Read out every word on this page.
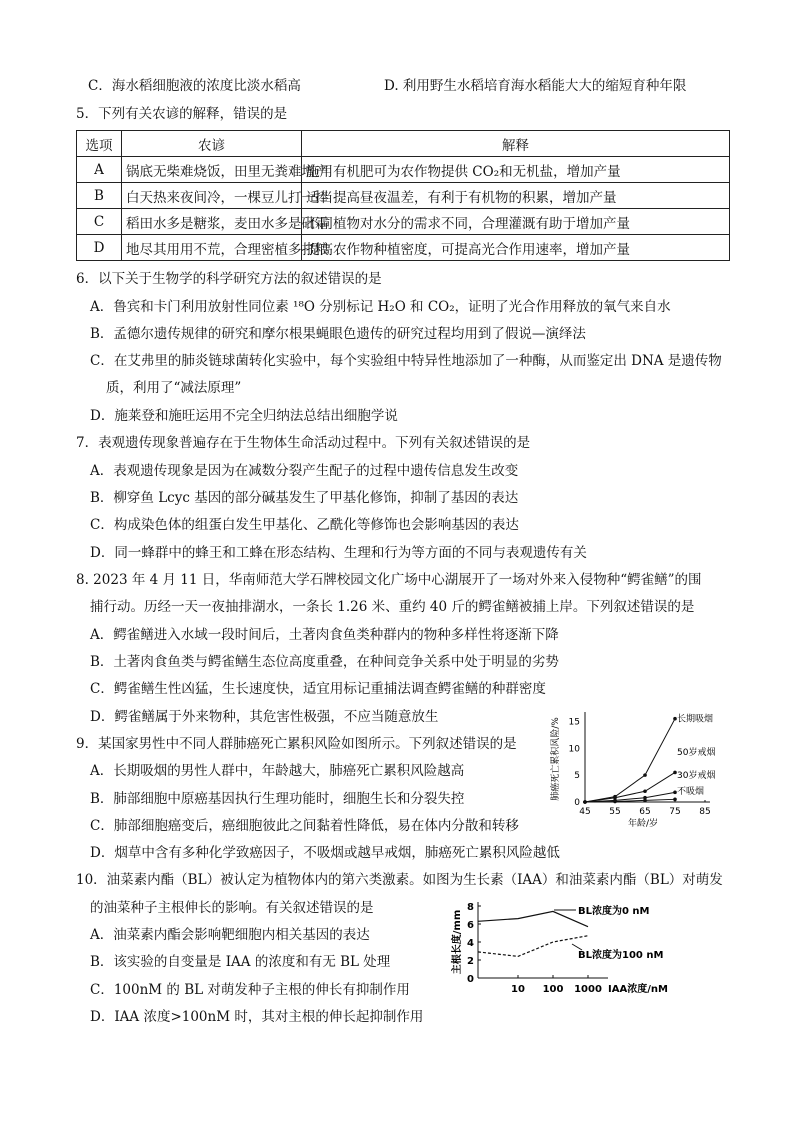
C．海水稻细胞液的浓度比淡水稻高	D. 利用野生水稻培育海水稻能大大的缩短育种年限
5．下列有关农谚的解释，错误的是
选项	农谚	解释
A	锅底无柴难烧饭，田里无粪难增产	施用有机肥可为农作物提供 CO₂和无机盐，增加产量
B	白天热来夜间冷，一棵豆儿打一捧	适当提高昼夜温差，有利于有机物的积累，增加产量
C	稻田水多是糖浆，麦田水多是砒霜	不同植物对水分的需求不同，合理灌溉有助于增加产量
D	地尽其用用不荒，合理密植多打粮	提高农作物种植密度，可提高光合作用速率，增加产量
6．以下关于生物学的科学研究方法的叙述错误的是
A．鲁宾和卡门利用放射性同位素 ¹⁸O 分别标记 H₂O 和 CO₂，证明了光合作用释放的氧气来自水
B．孟德尔遗传规律的研究和摩尔根果蝇眼色遗传的研究过程均用到了假说—演绎法
C．在艾弗里的肺炎链球菌转化实验中，每个实验组中特异性地添加了一种酶，从而鉴定出 DNA 是遗传物
质，利用了“减法原理”
D．施莱登和施旺运用不完全归纳法总结出细胞学说
7．表观遗传现象普遍存在于生物体生命活动过程中。下列有关叙述错误的是
A．表观遗传现象是因为在减数分裂产生配子的过程中遗传信息发生改变
B．柳穿鱼 Lcyc 基因的部分碱基发生了甲基化修饰，抑制了基因的表达
C．构成染色体的组蛋白发生甲基化、乙酰化等修饰也会影响基因的表达
D．同一蜂群中的蜂王和工蜂在形态结构、生理和行为等方面的不同与表观遗传有关
8. 2023 年 4 月 11 日，华南师范大学石牌校园文化广场中心湖展开了一场对外来入侵物种“鳄雀鳝”的围
捕行动。历经一天一夜抽排湖水，一条长 1.26 米、重约 40 斤的鳄雀鳝被捕上岸。下列叙述错误的是
A．鳄雀鳝进入水域一段时间后，土著肉食鱼类种群内的物种多样性将逐渐下降
B．土著肉食鱼类与鳄雀鳝生态位高度重叠，在种间竞争关系中处于明显的劣势
C．鳄雀鳝生性凶猛，生长速度快，适宜用标记重捕法调查鳄雀鳝的种群密度
D．鳄雀鳝属于外来物种，其危害性极强，不应当随意放生
9．某国家男性中不同人群肺癌死亡累积风险如图所示。下列叙述错误的是
A．长期吸烟的男性人群中，年龄越大，肺癌死亡累积风险越高
B．肺部细胞中原癌基因执行生理功能时，细胞生长和分裂失控
C．肺部细胞癌变后，癌细胞彼此之间黏着性降低，易在体内分散和转移
D．烟草中含有多种化学致癌因子，不吸烟或越早戒烟，肺癌死亡累积风险越低
45 55 65 75 85
0
5
10
15
年龄/岁
肺癌死亡累积风险/%	长期吸烟
50岁戒烟
30岁戒烟
不吸烟
10．油菜素内酯（BL）被认定为植物体内的第六类激素。如图为生长素（IAA）和油菜素内酯（BL）对萌发
的油菜种子主根伸长的影响。有关叙述错误的是
A．油菜素内酯会影响靶细胞内相关基因的表达
B．该实验的自变量是 IAA 的浓度和有无 BL 处理
C．100nM 的 BL 对萌发种子主根的伸长有抑制作用
D．IAA 浓度>100nM 时，其对主根的伸长起抑制作用
0
2
4
6
8
10 100 1000 IAA浓度/nM
主根长度/mm	BL浓度为0 nM
BL浓度为100 nM
